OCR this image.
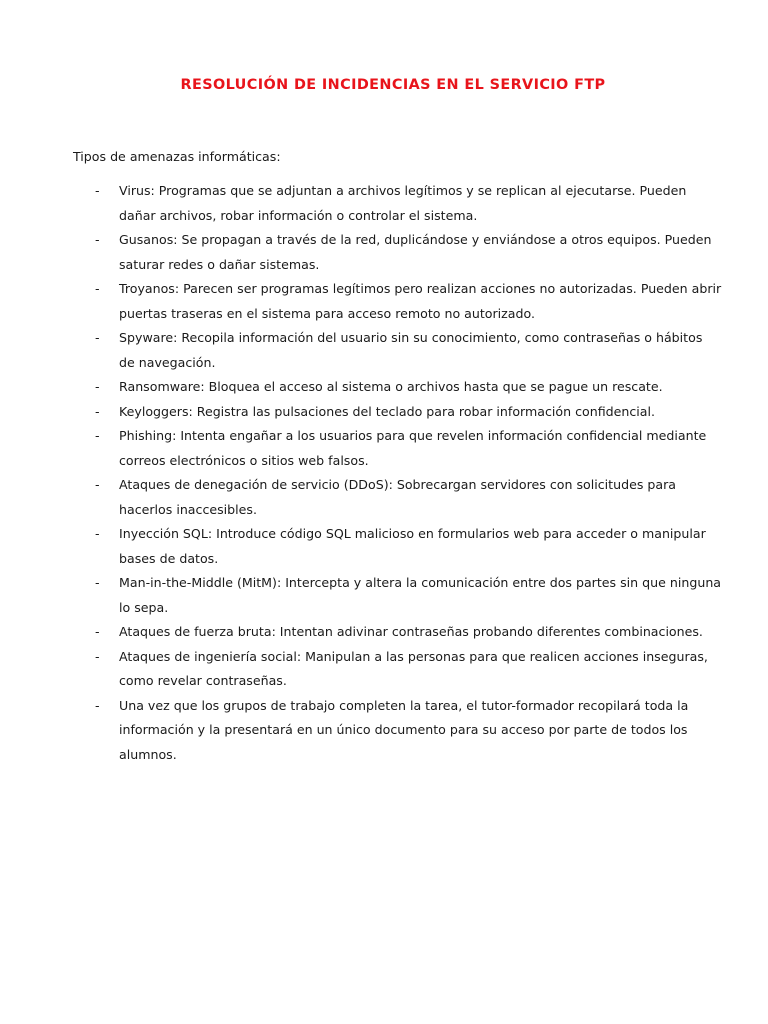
RESOLUCIÓN DE INCIDENCIAS EN EL SERVICIO FTP

Tipos de amenazas informáticas:

- Virus: Programas que se adjuntan a archivos legítimos y se replican al ejecutarse. Pueden dañar archivos, robar información o controlar el sistema.
- Gusanos: Se propagan a través de la red, duplicándose y enviándose a otros equipos. Pueden saturar redes o dañar sistemas.
- Troyanos: Parecen ser programas legítimos pero realizan acciones no autorizadas. Pueden abrir puertas traseras en el sistema para acceso remoto no autorizado.
- Spyware: Recopila información del usuario sin su conocimiento, como contraseñas o hábitos de navegación.
- Ransomware: Bloquea el acceso al sistema o archivos hasta que se pague un rescate.
- Keyloggers: Registra las pulsaciones del teclado para robar información confidencial.
- Phishing: Intenta engañar a los usuarios para que revelen información confidencial mediante correos electrónicos o sitios web falsos.
- Ataques de denegación de servicio (DDoS): Sobrecargan servidores con solicitudes para hacerlos inaccesibles.
- Inyección SQL: Introduce código SQL malicioso en formularios web para acceder o manipular bases de datos.
- Man-in-the-Middle (MitM): Intercepta y altera la comunicación entre dos partes sin que ninguna lo sepa.
- Ataques de fuerza bruta: Intentan adivinar contraseñas probando diferentes combinaciones.
- Ataques de ingeniería social: Manipulan a las personas para que realicen acciones inseguras, como revelar contraseñas.
- Una vez que los grupos de trabajo completen la tarea, el tutor-formador recopilará toda la información y la presentará en un único documento para su acceso por parte de todos los alumnos.
